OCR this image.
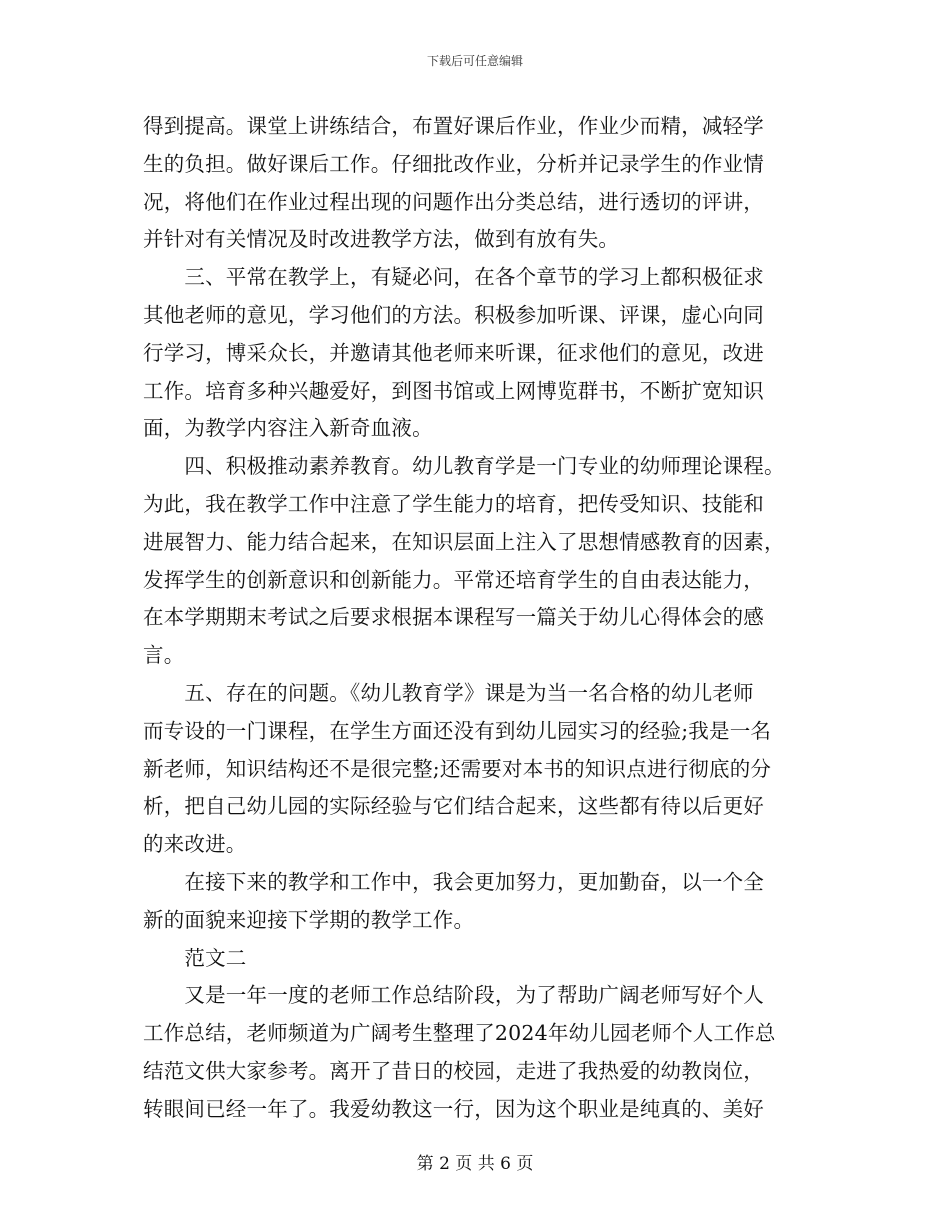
下载后可任意编辑
得到提高。课堂上讲练结合，布置好课后作业，作业少而精，减轻学
生的负担。做好课后工作。仔细批改作业，分析并记录学生的作业情
况，将他们在作业过程出现的问题作出分类总结，进行透切的评讲，
并针对有关情况及时改进教学方法，做到有放有失。
　　三、平常在教学上，有疑必问，在各个章节的学习上都积极征求
其他老师的意见，学习他们的方法。积极参加听课、评课，虚心向同
行学习，博采众长，并邀请其他老师来听课，征求他们的意见，改进
工作。培育多种兴趣爱好，到图书馆或上网博览群书，不断扩宽知识
面，为教学内容注入新奇血液。
　　四、积极推动素养教育。幼儿教育学是一门专业的幼师理论课程。
为此，我在教学工作中注意了学生能力的培育，把传受知识、技能和
进展智力、能力结合起来，在知识层面上注入了思想情感教育的因素，
发挥学生的创新意识和创新能力。平常还培育学生的自由表达能力，
在本学期期末考试之后要求根据本课程写一篇关于幼儿心得体会的感
言。
　　五、存在的问题。《幼儿教育学》课是为当一名合格的幼儿老师
而专设的一门课程，在学生方面还没有到幼儿园实习的经验;我是一名
新老师，知识结构还不是很完整;还需要对本书的知识点进行彻底的分
析，把自己幼儿园的实际经验与它们结合起来，这些都有待以后更好
的来改进。
　　在接下来的教学和工作中，我会更加努力，更加勤奋，以一个全
新的面貌来迎接下学期的教学工作。
　　范文二
　　又是一年一度的老师工作总结阶段，为了帮助广阔老师写好个人
工作总结，老师频道为广阔考生整理了2024年幼儿园老师个人工作总
结范文供大家参考。离开了昔日的校园，走进了我热爱的幼教岗位，
转眼间已经一年了。我爱幼教这一行，因为这个职业是纯真的、美好
第 2 页 共 6 页
